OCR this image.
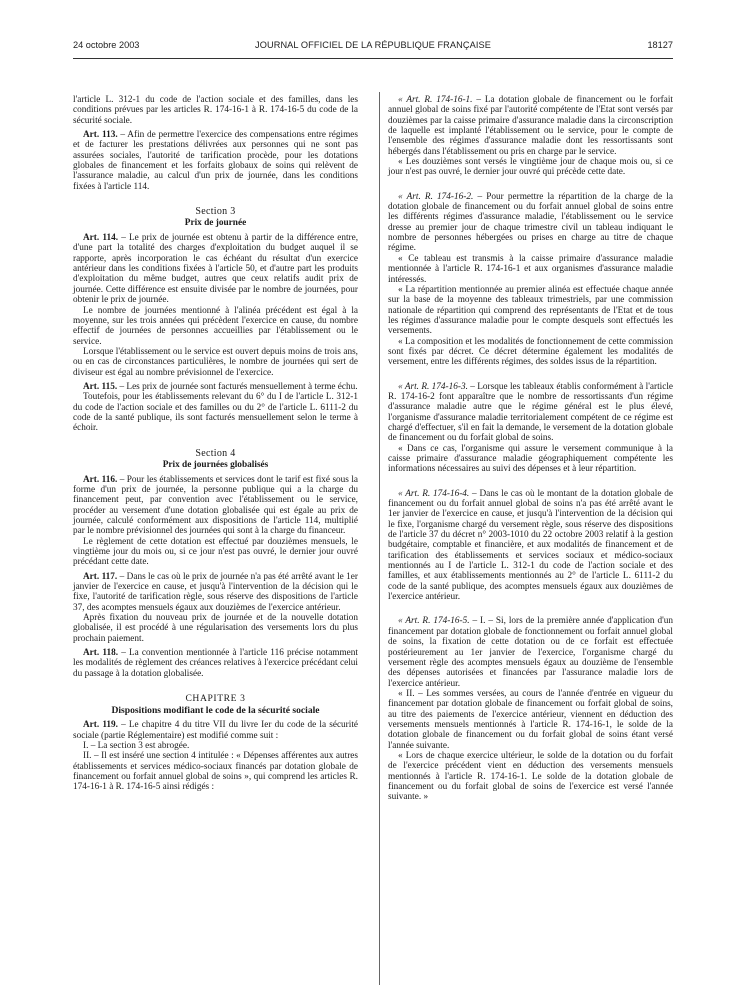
24 octobre 2003	JOURNAL OFFICIEL DE LA RÉPUBLIQUE FRANÇAISE	18127

l'article L. 312-1 du code de l'action sociale et des familles, dans les conditions prévues par les articles R. 174-16-1 à R. 174-16-5 du code de la sécurité sociale.

Art. 113. – Afin de permettre l'exercice des compensations entre régimes et de facturer les prestations délivrées aux personnes qui ne sont pas assurées sociales, l'autorité de tarification procède, pour les dotations globales de financement et les forfaits globaux de soins qui relèvent de l'assurance maladie, au calcul d'un prix de journée, dans les conditions fixées à l'article 114.

Section 3

Prix de journée

Art. 114. – Le prix de journée est obtenu à partir de la différence entre, d'une part la totalité des charges d'exploitation du budget auquel il se rapporte, après incorporation le cas échéant du résultat d'un exercice antérieur dans les conditions fixées à l'article 50, et d'autre part les produits d'exploitation du même budget, autres que ceux relatifs audit prix de journée. Cette différence est ensuite divisée par le nombre de journées, pour obtenir le prix de journée.

Le nombre de journées mentionné à l'alinéa précédent est égal à la moyenne, sur les trois années qui précèdent l'exercice en cause, du nombre effectif de journées de personnes accueillies par l'établissement ou le service.

Lorsque l'établissement ou le service est ouvert depuis moins de trois ans, ou en cas de circonstances particulières, le nombre de journées qui sert de diviseur est égal au nombre prévisionnel de l'exercice.

Art. 115. – Les prix de journée sont facturés mensuellement à terme échu.

Toutefois, pour les établissements relevant du 6° du I de l'article L. 312-1 du code de l'action sociale et des familles ou du 2° de l'article L. 6111-2 du code de la santé publique, ils sont facturés mensuellement selon le terme à échoir.

Section 4

Prix de journées globalisés

Art. 116. – Pour les établissements et services dont le tarif est fixé sous la forme d'un prix de journée, la personne publique qui a la charge du financement peut, par convention avec l'établissement ou le service, procéder au versement d'une dotation globalisée qui est égale au prix de journée, calculé conformément aux dispositions de l'article 114, multiplié par le nombre prévisionnel des journées qui sont à la charge du financeur.

Le règlement de cette dotation est effectué par douzièmes mensuels, le vingtième jour du mois ou, si ce jour n'est pas ouvré, le dernier jour ouvré précédant cette date.

Art. 117. – Dans le cas où le prix de journée n'a pas été arrêté avant le 1er janvier de l'exercice en cause, et jusqu'à l'intervention de la décision qui le fixe, l'autorité de tarification règle, sous réserve des dispositions de l'article 37, des acomptes mensuels égaux aux douzièmes de l'exercice antérieur.

Après fixation du nouveau prix de journée et de la nouvelle dotation globalisée, il est procédé à une régularisation des versements lors du plus prochain paiement.

Art. 118. – La convention mentionnée à l'article 116 précise notamment les modalités de règlement des créances relatives à l'exercice précédant celui du passage à la dotation globalisée.

CHAPITRE 3

Dispositions modifiant le code de la sécurité sociale

Art. 119. – Le chapitre 4 du titre VII du livre Ier du code de la sécurité sociale (partie Réglementaire) est modifié comme suit :

I. – La section 3 est abrogée.

II. – Il est inséré une section 4 intitulée : « Dépenses afférentes aux autres établissements et services médico-sociaux financés par dotation globale de financement ou forfait annuel global de soins », qui comprend les articles R. 174-16-1 à R. 174-16-5 ainsi rédigés :

« Art. R. 174-16-1. – La dotation globale de financement ou le forfait annuel global de soins fixé par l'autorité compétente de l'Etat sont versés par douzièmes par la caisse primaire d'assurance maladie dans la circonscription de laquelle est implanté l'établissement ou le service, pour le compte de l'ensemble des régimes d'assurance maladie dont les ressortissants sont hébergés dans l'établissement ou pris en charge par le service.

« Les douzièmes sont versés le vingtième jour de chaque mois ou, si ce jour n'est pas ouvré, le dernier jour ouvré qui précède cette date.

« Art. R. 174-16-2. – Pour permettre la répartition de la charge de la dotation globale de financement ou du forfait annuel global de soins entre les différents régimes d'assurance maladie, l'établissement ou le service dresse au premier jour de chaque trimestre civil un tableau indiquant le nombre de personnes hébergées ou prises en charge au titre de chaque régime.

« Ce tableau est transmis à la caisse primaire d'assurance maladie mentionnée à l'article R. 174-16-1 et aux organismes d'assurance maladie intéressés.

« La répartition mentionnée au premier alinéa est effectuée chaque année sur la base de la moyenne des tableaux trimestriels, par une commission nationale de répartition qui comprend des représentants de l'Etat et de tous les régimes d'assurance maladie pour le compte desquels sont effectués les versements.

« La composition et les modalités de fonctionnement de cette commission sont fixés par décret. Ce décret détermine également les modalités de versement, entre les différents régimes, des soldes issus de la répartition.

« Art. R. 174-16-3. – Lorsque les tableaux établis conformément à l'article R. 174-16-2 font apparaître que le nombre de ressortissants d'un régime d'assurance maladie autre que le régime général est le plus élevé, l'organisme d'assurance maladie territorialement compétent de ce régime est chargé d'effectuer, s'il en fait la demande, le versement de la dotation globale de financement ou du forfait global de soins.

« Dans ce cas, l'organisme qui assure le versement communique à la caisse primaire d'assurance maladie géographiquement compétente les informations nécessaires au suivi des dépenses et à leur répartition.

« Art. R. 174-16-4. – Dans le cas où le montant de la dotation globale de financement ou du forfait annuel global de soins n'a pas été arrêté avant le 1er janvier de l'exercice en cause, et jusqu'à l'intervention de la décision qui le fixe, l'organisme chargé du versement règle, sous réserve des dispositions de l'article 37 du décret n° 2003-1010 du 22 octobre 2003 relatif à la gestion budgétaire, comptable et financière, et aux modalités de financement et de tarification des établissements et services sociaux et médico-sociaux mentionnés au I de l'article L. 312-1 du code de l'action sociale et des familles, et aux établissements mentionnés au 2° de l'article L. 6111-2 du code de la santé publique, des acomptes mensuels égaux aux douzièmes de l'exercice antérieur.

« Art. R. 174-16-5. – I. – Si, lors de la première année d'application d'un financement par dotation globale de fonctionnement ou forfait annuel global de soins, la fixation de cette dotation ou de ce forfait est effectuée postérieurement au 1er janvier de l'exercice, l'organisme chargé du versement règle des acomptes mensuels égaux au douzième de l'ensemble des dépenses autorisées et financées par l'assurance maladie lors de l'exercice antérieur.

« II. – Les sommes versées, au cours de l'année d'entrée en vigueur du financement par dotation globale de financement ou forfait global de soins, au titre des paiements de l'exercice antérieur, viennent en déduction des versements mensuels mentionnés à l'article R. 174-16-1, le solde de la dotation globale de financement ou du forfait global de soins étant versé l'année suivante.

« Lors de chaque exercice ultérieur, le solde de la dotation ou du forfait de l'exercice précédent vient en déduction des versements mensuels mentionnés à l'article R. 174-16-1. Le solde de la dotation globale de financement ou du forfait global de soins de l'exercice est versé l'année suivante. »
